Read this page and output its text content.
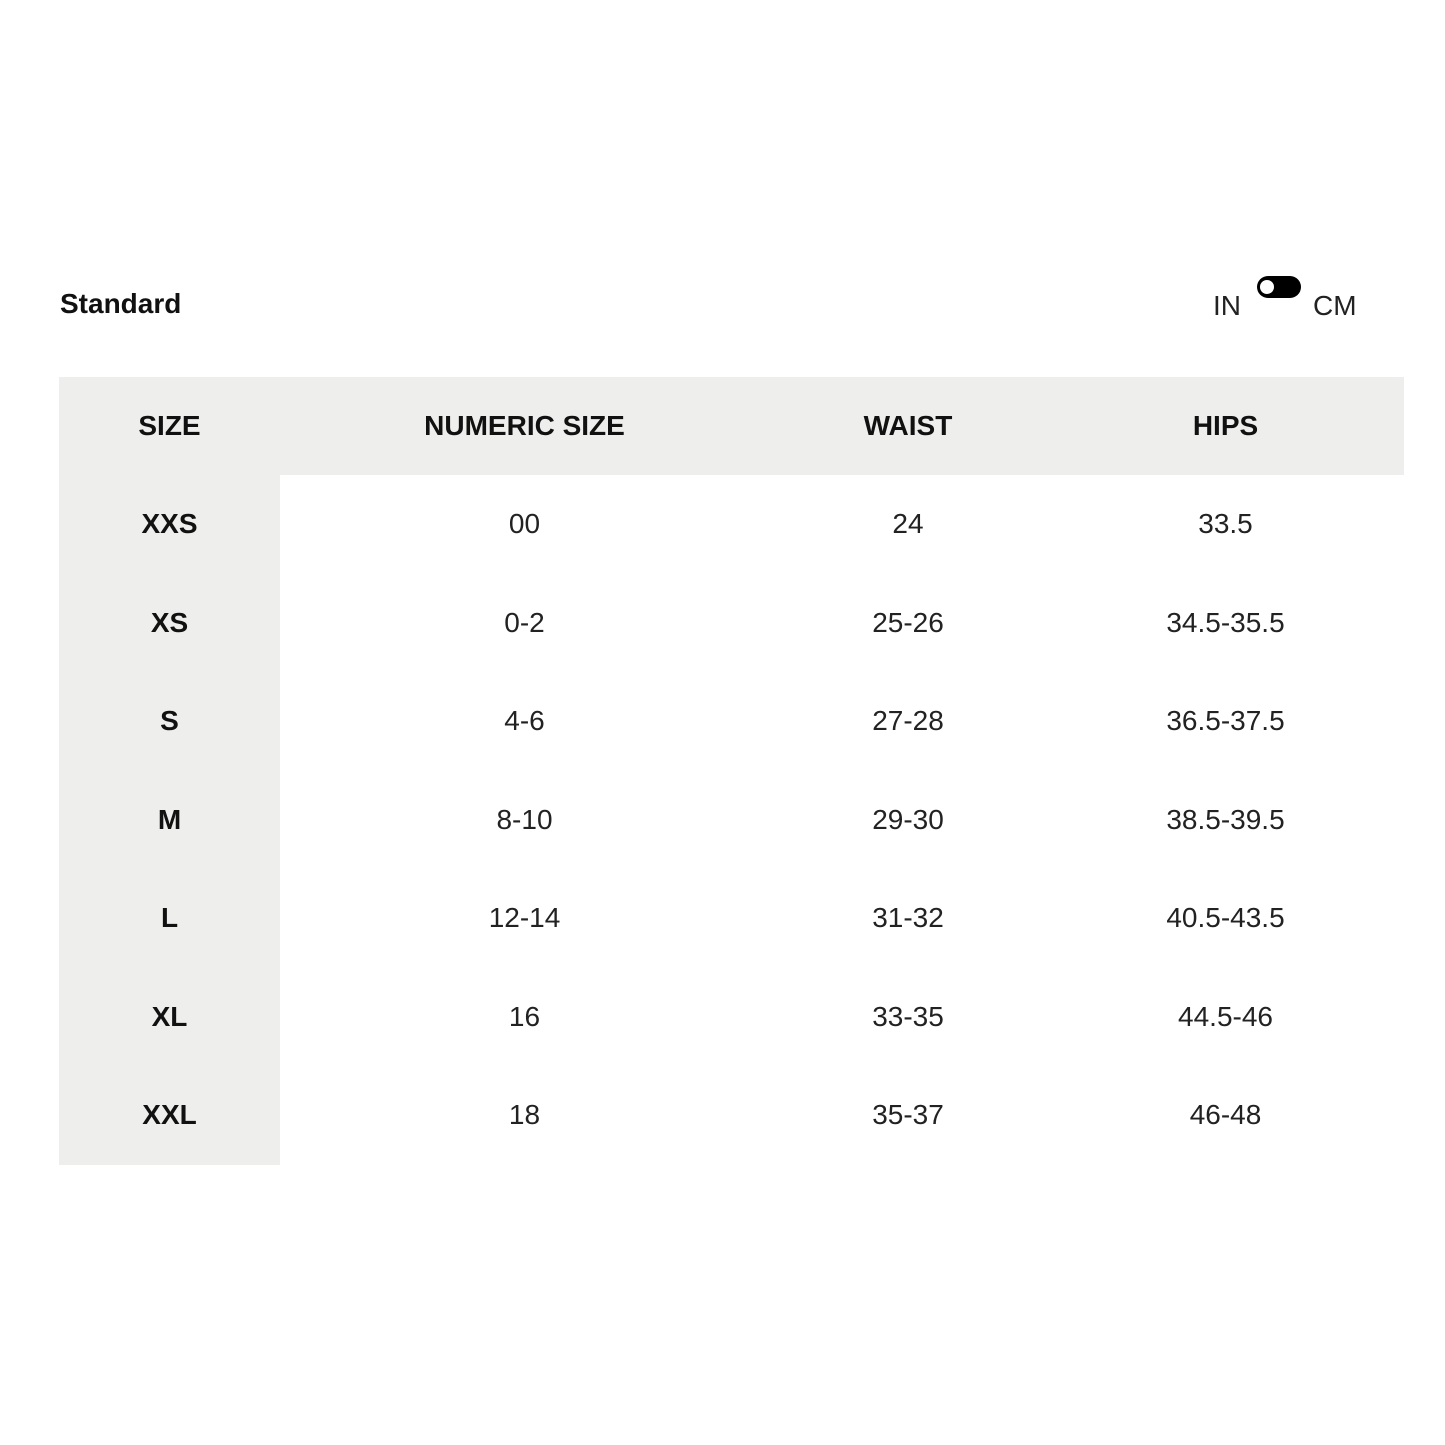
Standard	IN	CM
SIZE	NUMERIC SIZE	WAIST	HIPS
XXS	00	24	33.5
XS	0-2	25-26	34.5-35.5
S	4-6	27-28	36.5-37.5
M	8-10	29-30	38.5-39.5
L	12-14	31-32	40.5-43.5
XL	16	33-35	44.5-46
XXL	18	35-37	46-48
